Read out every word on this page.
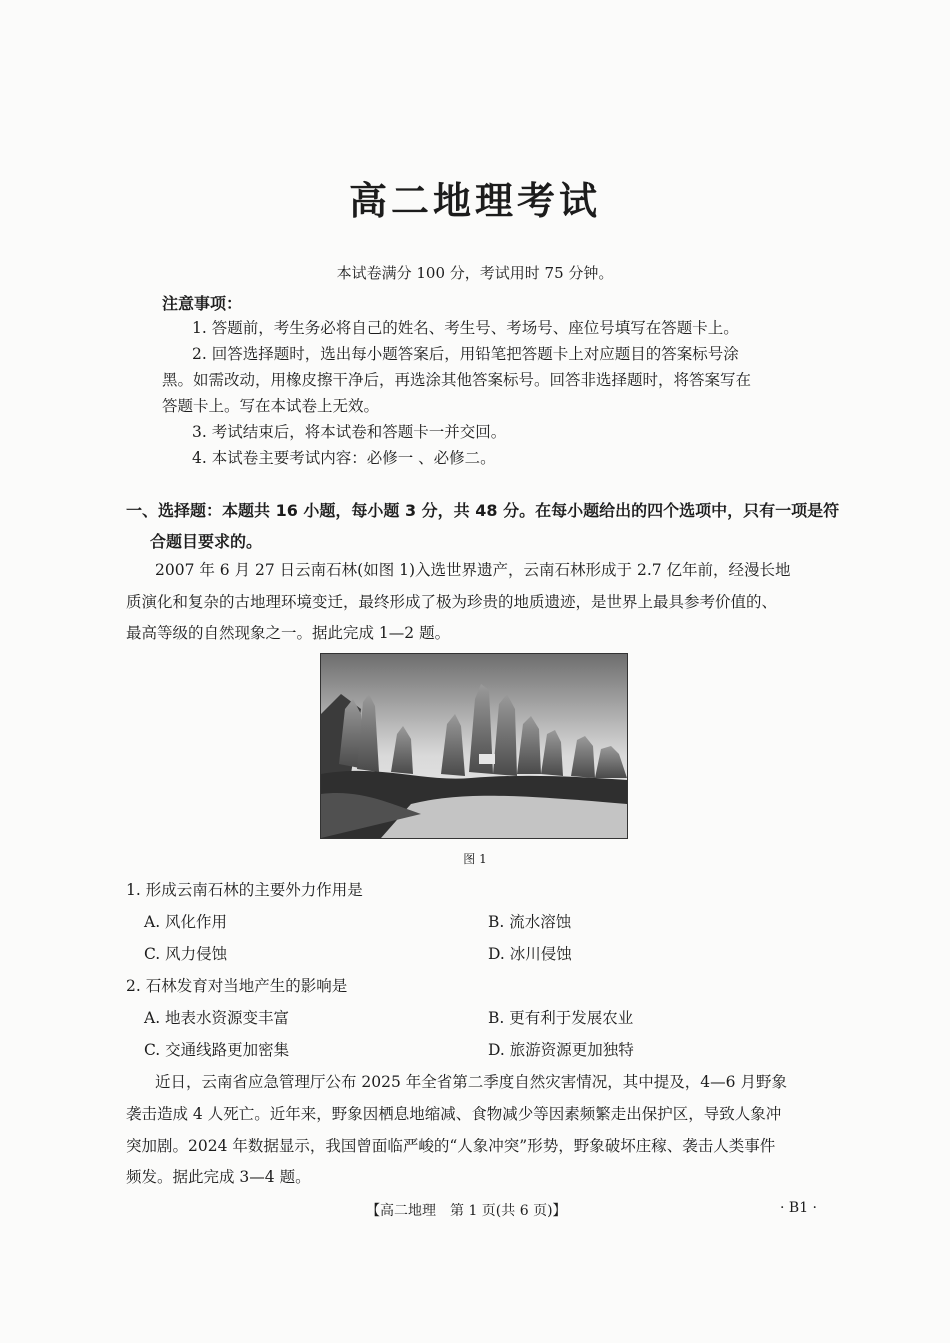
高二地理考试
本试卷满分 100 分，考试用时 75 分钟。
注意事项：
1. 答题前，考生务必将自己的姓名、考生号、考场号、座位号填写在答题卡上。
2. 回答选择题时，选出每小题答案后，用铅笔把答题卡上对应题目的答案标号涂
黑。如需改动，用橡皮擦干净后，再选涂其他答案标号。回答非选择题时，将答案写在
答题卡上。写在本试卷上无效。
3. 考试结束后，将本试卷和答题卡一并交回。
4. 本试卷主要考试内容：必修一 、必修二。
一、选择题：本题共 16 小题，每小题 3 分，共 48 分。在每小题给出的四个选项中，只有一项是符
合题目要求的。
2007 年 6 月 27 日云南石林(如图 1)入选世界遗产，云南石林形成于 2.7 亿年前，经漫长地
质演化和复杂的古地理环境变迁，最终形成了极为珍贵的地质遗迹，是世界上最具参考价值的、
最高等级的自然现象之一。据此完成 1—2 题。
图 1
1. 形成云南石林的主要外力作用是
A. 风化作用	B. 流水溶蚀
C. 风力侵蚀	D. 冰川侵蚀
2. 石林发育对当地产生的影响是
A. 地表水资源变丰富	B. 更有利于发展农业
C. 交通线路更加密集	D. 旅游资源更加独特
近日，云南省应急管理厅公布 2025 年全省第二季度自然灾害情况，其中提及，4—6 月野象
袭击造成 4 人死亡。近年来，野象因栖息地缩减、食物减少等因素频繁走出保护区，导致人象冲
突加剧。2024 年数据显示，我国曾面临严峻的“人象冲突”形势，野象破坏庄稼、袭击人类事件
频发。据此完成 3—4 题。
【高二地理　第 1 页(共 6 页)】	· B1 ·
